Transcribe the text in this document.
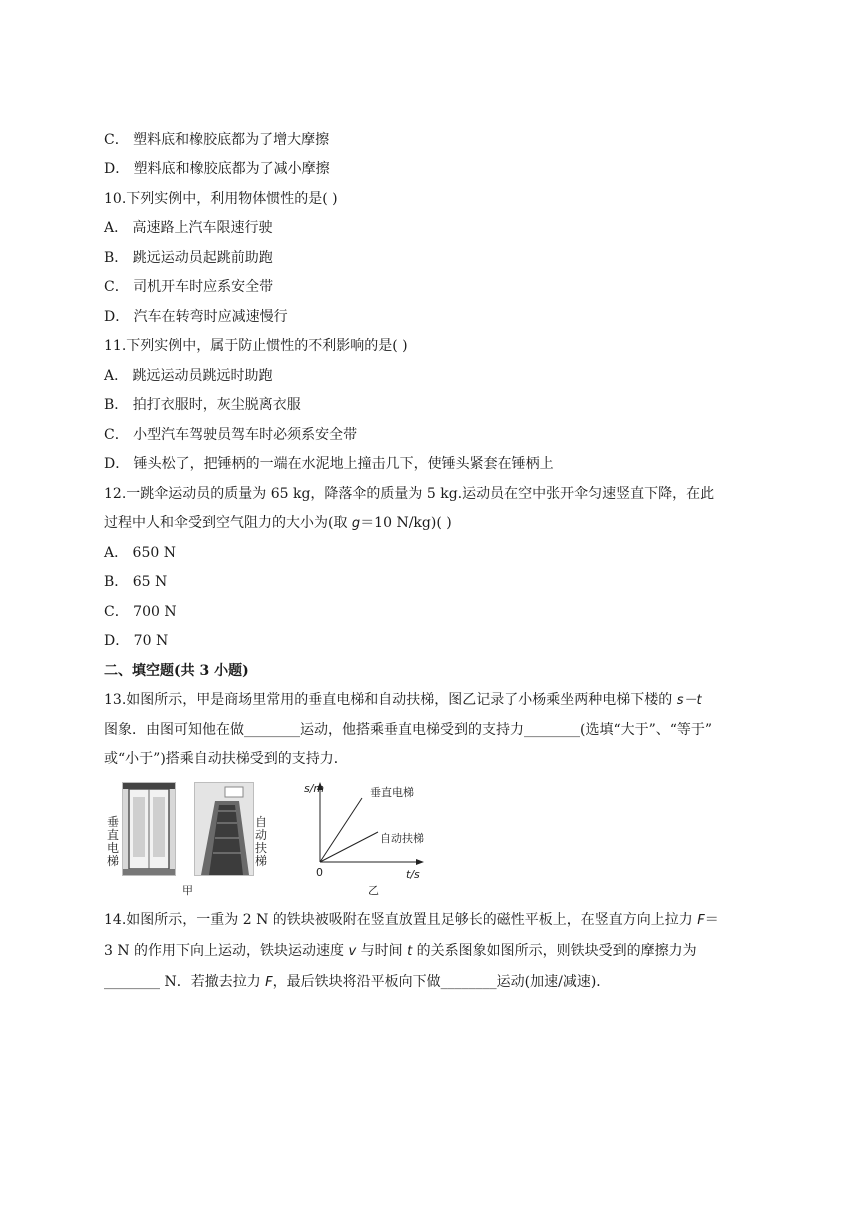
C． 塑料底和橡胶底都为了增大摩擦
D． 塑料底和橡胶底都为了减小摩擦
10.下列实例中，利用物体惯性的是( )
A． 高速路上汽车限速行驶
B． 跳远运动员起跳前助跑
C． 司机开车时应系安全带
D． 汽车在转弯时应减速慢行
11.下列实例中，属于防止惯性的不利影响的是( )
A． 跳远运动员跳远时助跑
B． 拍打衣服时，灰尘脱离衣服
C． 小型汽车驾驶员驾车时必须系安全带
D． 锤头松了，把锤柄的一端在水泥地上撞击几下，使锤头紧套在锤柄上
12.一跳伞运动员的质量为 65 kg，降落伞的质量为 5 kg.运动员在空中张开伞匀速竖直下降，在此
过程中人和伞受到空气阻力的大小为(取 g＝10 N/kg)( )
A． 650 N
B． 65 N
C． 700 N
D． 70 N
二、填空题(共 3 小题)
13.如图所示，甲是商场里常用的垂直电梯和自动扶梯，图乙记录了小杨乘坐两种电梯下楼的 s－t
图象．由图可知他在做________运动，他搭乘垂直电梯受到的支持力________(选填“大于”、“等于”
或“小于”)搭乘自动扶梯受到的支持力．
垂直电梯
自动扶梯
甲
s/m	垂直电梯
自动扶梯
0	t/s
乙
14.如图所示，一重为 2 N 的铁块被吸附在竖直放置且足够长的磁性平板上，在竖直方向上拉力 F＝
3 N 的作用下向上运动，铁块运动速度 v 与时间 t 的关系图象如图所示，则铁块受到的摩擦力为
________ N．若撤去拉力 F，最后铁块将沿平板向下做________运动(加速/减速)．
